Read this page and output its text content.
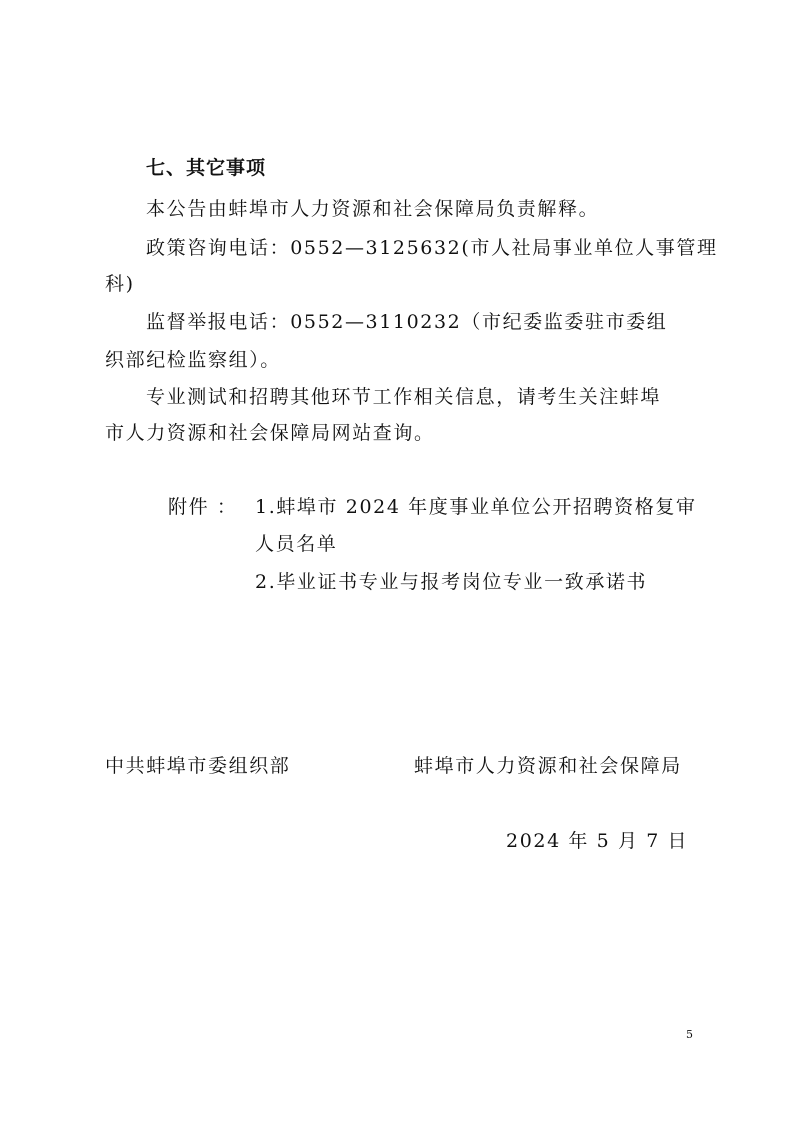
七、其它事项
本公告由蚌埠市人力资源和社会保障局负责解释。
政策咨询电话：0552—3125632(市人社局事业单位人事管理
科)
监督举报电话：0552—3110232（市纪委监委驻市委组
织部纪检监察组）。
专业测试和招聘其他环节工作相关信息，请考生关注蚌埠
市人力资源和社会保障局网站查询。
附件 ： 1.蚌埠市 2024 年度事业单位公开招聘资格复审
人员名单
2.毕业证书专业与报考岗位专业一致承诺书
中共蚌埠市委组织部	蚌埠市人力资源和社会保障局
2024 年 5 月 7 日
5
